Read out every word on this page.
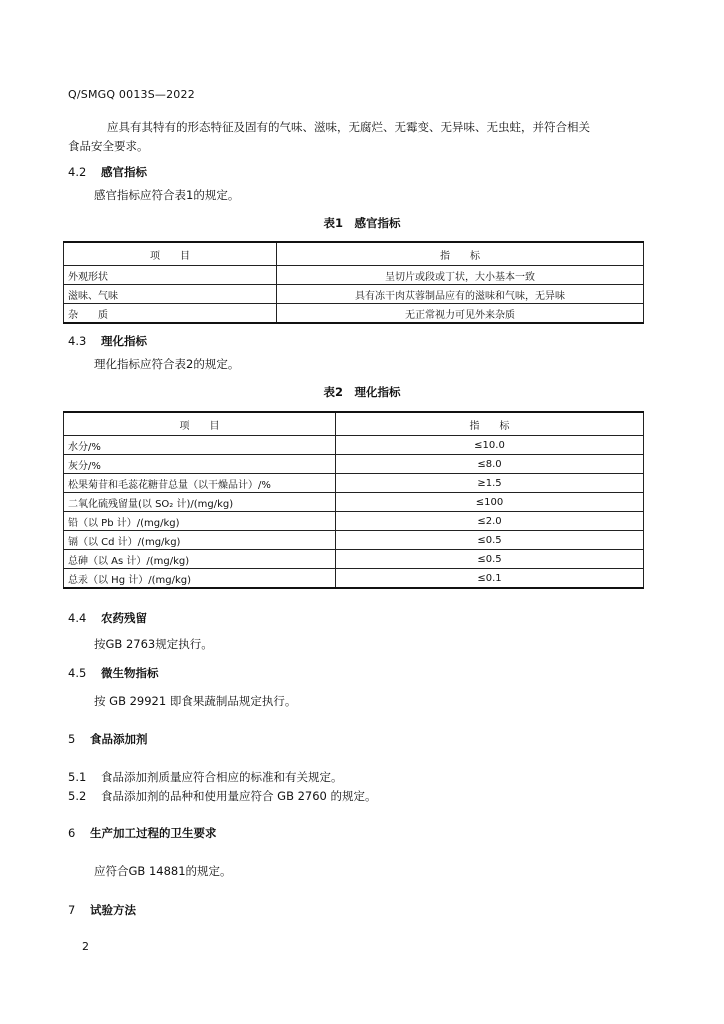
Q/SMGQ 0013S—2022
应具有其特有的形态特征及固有的气味、滋味，无腐烂、无霉变、无异味、无虫蛀，并符合相关
食品安全要求。
4.2 感官指标
感官指标应符合表1的规定。
表1　感官指标
项　　目	指　　标
外观形状	呈切片或段或丁状，大小基本一致
滋味、气味	具有冻干肉苁蓉制品应有的滋味和气味，无异味
杂　　质	无正常视力可见外来杂质
4.3 理化指标
理化指标应符合表2的规定。
表2　理化指标
项　　目	指　　标
水分/%	≤10.0
灰分/%	≤8.0
松果菊苷和毛蕊花糖苷总量（以干燥品计）/%	≥1.5
二氧化硫残留量(以 SO₂ 计)/(mg/kg)	≤100
铅（以 Pb 计）/(mg/kg)	≤2.0
镉（以 Cd 计）/(mg/kg)	≤0.5
总砷（以 As 计）/(mg/kg)	≤0.5
总汞（以 Hg 计）/(mg/kg)	≤0.1
4.4 农药残留
按GB 2763规定执行。
4.5 微生物指标
按 GB 29921 即食果蔬制品规定执行。
5 食品添加剂
5.1 食品添加剂质量应符合相应的标准和有关规定。
5.2 食品添加剂的品种和使用量应符合 GB 2760 的规定。
6 生产加工过程的卫生要求
应符合GB 14881的规定。
7 试验方法
2
